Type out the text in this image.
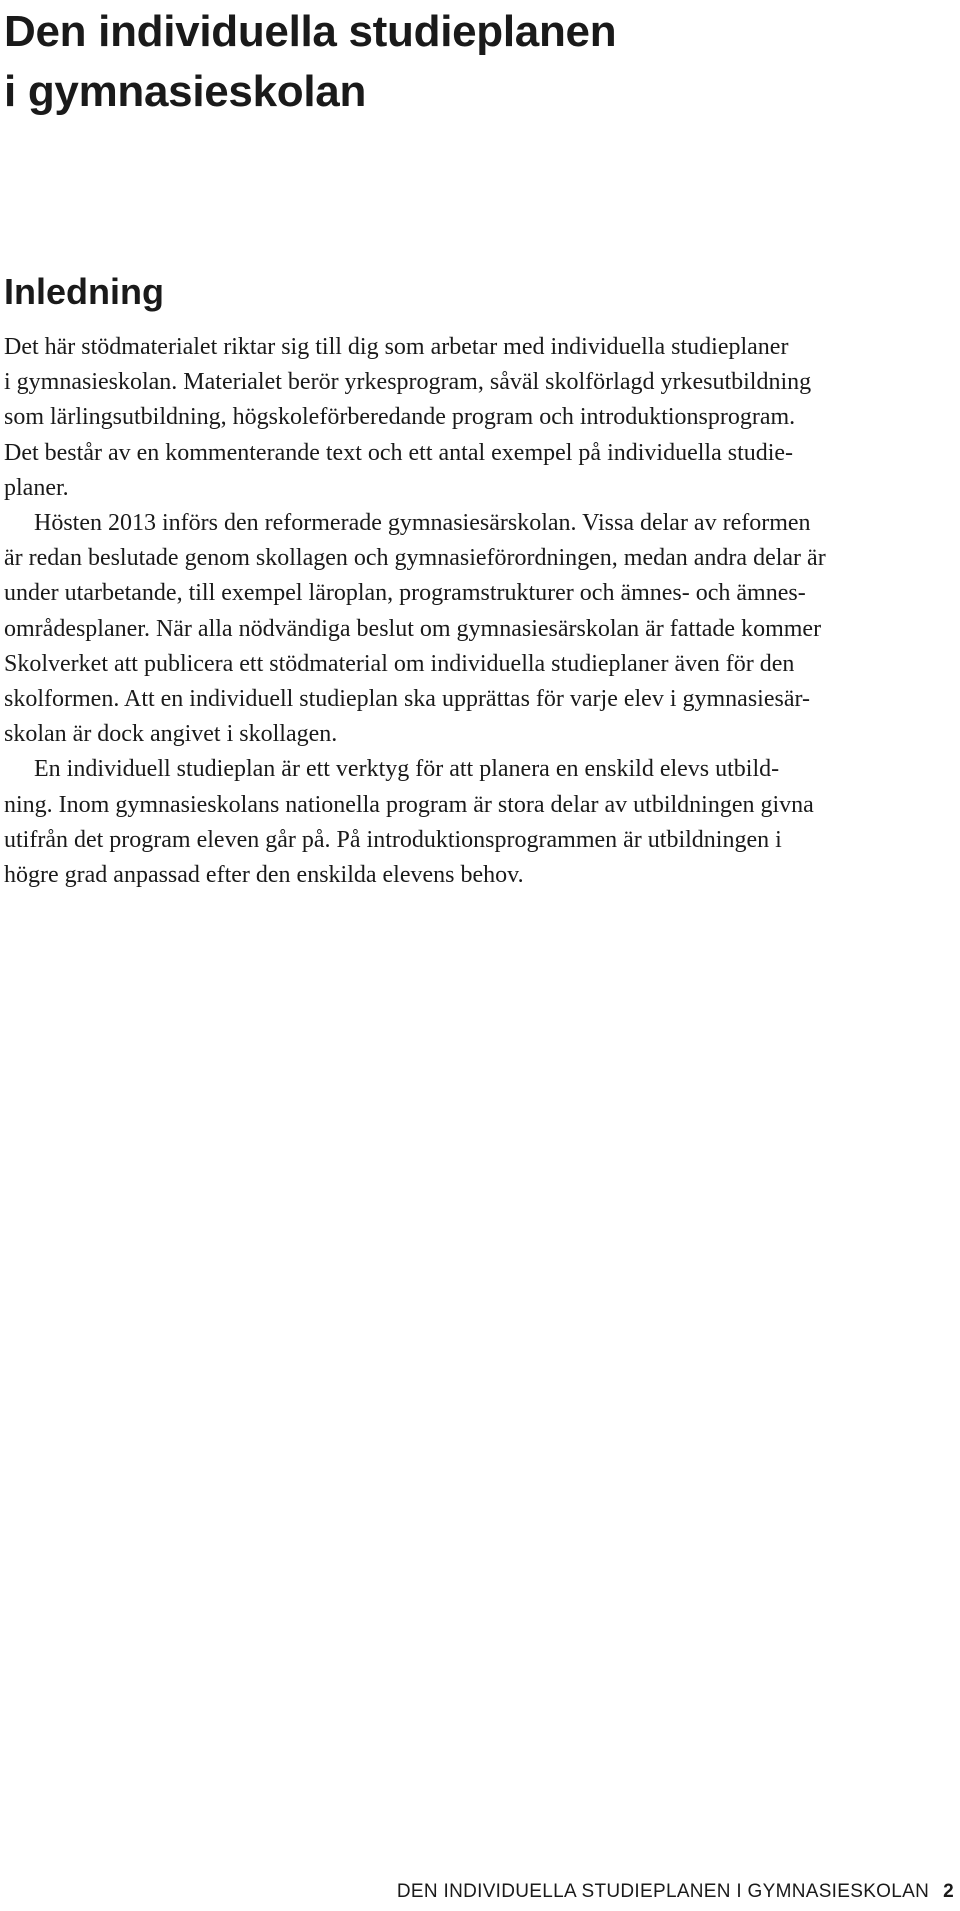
Den individuella studieplanen
i gymnasieskolan
Inledning
Det här stödmaterialet riktar sig till dig som arbetar med individuella studieplaner
i gymnasieskolan. Materialet berör yrkesprogram, såväl skolförlagd yrkesutbildning
som lärlingsutbildning, högskoleförberedande program och introduktionsprogram.
Det består av en kommenterande text och ett antal exempel på individuella studie-
planer.
Hösten 2013 införs den reformerade gymnasiesärskolan. Vissa delar av reformen
är redan beslutade genom skollagen och gymnasieförordningen, medan andra delar är
under utarbetande, till exempel läroplan, programstrukturer och ämnes- och ämnes-
områdesplaner. När alla nödvändiga beslut om gymnasiesärskolan är fattade kommer
Skolverket att publicera ett stödmaterial om individuella studieplaner även för den
skolformen. Att en individuell studieplan ska upprättas för varje elev i gymnasiesär-
skolan är dock angivet i skollagen.
En individuell studieplan är ett verktyg för att planera en enskild elevs utbild-
ning. Inom gymnasieskolans nationella program är stora delar av utbildningen givna
utifrån det program eleven går på. På introduktionsprogrammen är utbildningen i
högre grad anpassad efter den enskilda elevens behov.
DEN INDIVIDUELLA STUDIEPLANEN I GYMNASIESKOLAN 2
